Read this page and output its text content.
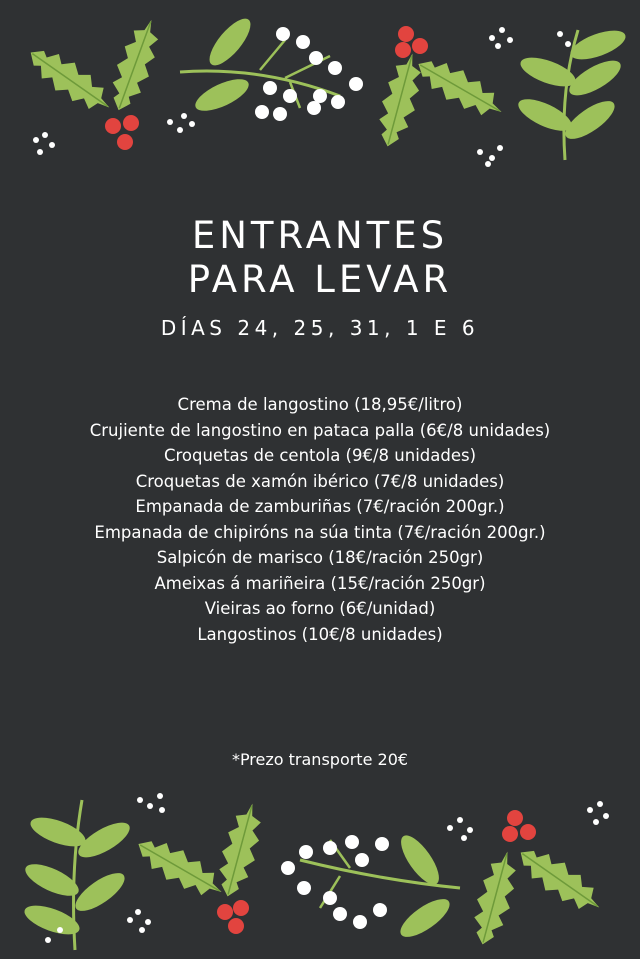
ENTRANTES
PARA LEVAR
DÍAS 24, 25, 31, 1 E 6
Crema de langostino (18,95€/litro)
Crujiente de langostino en pataca palla (6€/8 unidades)
Croquetas de centola (9€/8 unidades)
Croquetas de xamón ibérico (7€/8 unidades)
Empanada de zamburiñas (7€/ración 200gr.)
Empanada de chipiróns na súa tinta (7€/ración 200gr.)
Salpicón de marisco (18€/ración 250gr)
Ameixas á mariñeira (15€/ración 250gr)
Vieiras ao forno (6€/unidad)
Langostinos (10€/8 unidades)
*Prezo transporte 20€
